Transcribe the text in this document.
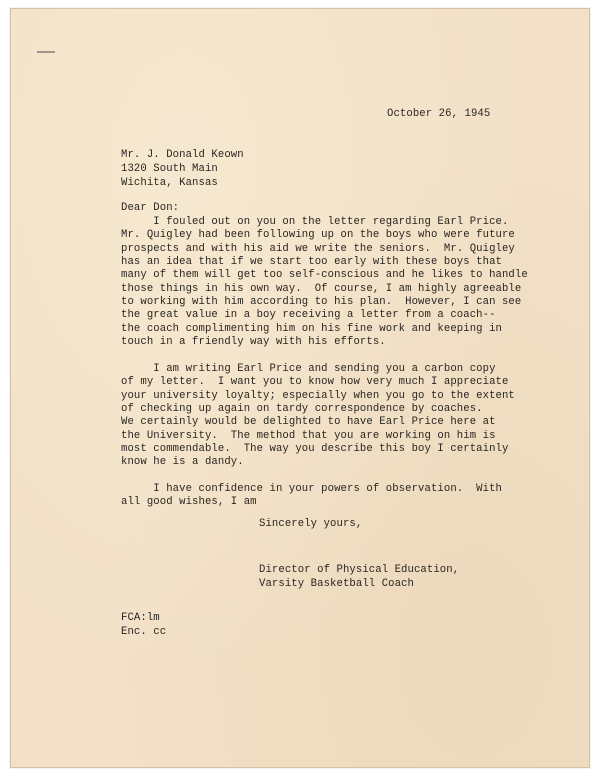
October 26, 1945
Mr. J. Donald Keown
1320 South Main
Wichita, Kansas
Dear Don:
I fouled out on you on the letter regarding Earl Price.
Mr. Quigley had been following up on the boys who were future
prospects and with his aid we write the seniors.  Mr. Quigley
has an idea that if we start too early with these boys that
many of them will get too self-conscious and he likes to handle
those things in his own way.  Of course, I am highly agreeable
to working with him according to his plan.  However, I can see
the great value in a boy receiving a letter from a coach--
the coach complimenting him on his fine work and keeping in
touch in a friendly way with his efforts.
I am writing Earl Price and sending you a carbon copy
of my letter.  I want you to know how very much I appreciate
your university loyalty; especially when you go to the extent
of checking up again on tardy correspondence by coaches.
We certainly would be delighted to have Earl Price here at
the University.  The method that you are working on him is
most commendable.  The way you describe this boy I certainly
know he is a dandy.
I have confidence in your powers of observation.  With
all good wishes, I am
Sincerely yours,
Director of Physical Education,
Varsity Basketball Coach
FCA:lm
Enc. cc
